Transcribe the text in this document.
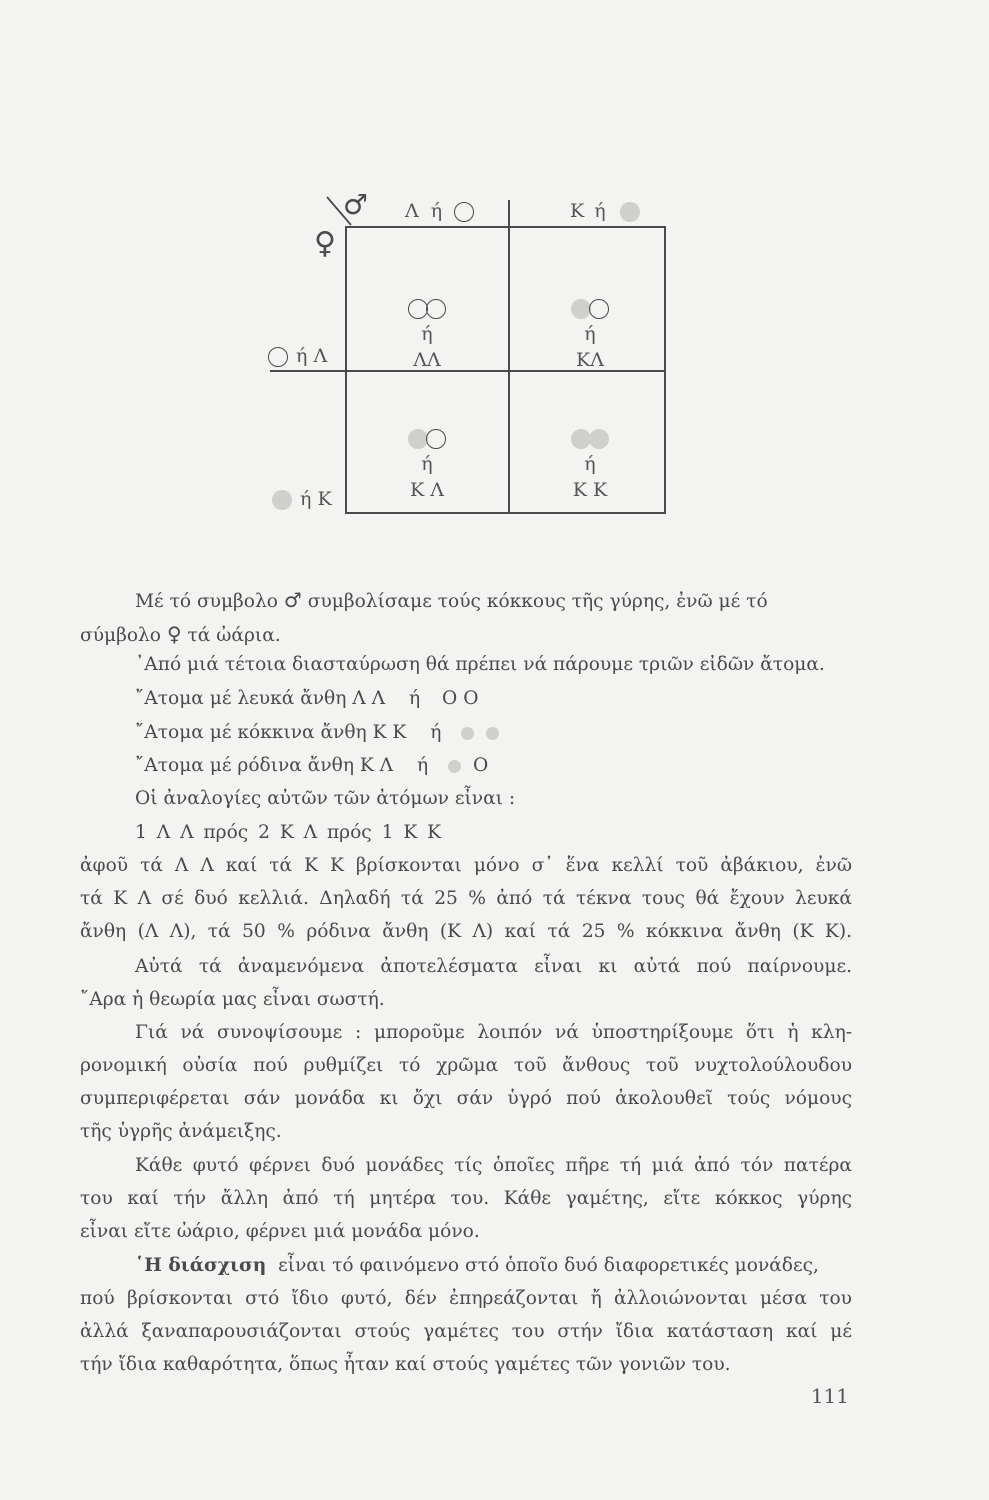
♂
♀
Λ ή	Κ ή
ή Λ
ή Κ
ή
ΛΛ
ή
ΚΛ
ή
Κ Λ
ή
Κ Κ
Μέ τό συμβολο ♂ συμβολίσαμε τούς κόκκους τῆς γύρης, ἐνῶ μέ τό
σύμβολο ♀ τά ὠάρια.
᾿Από μιά τέτοια διασταύρωση θά πρέπει νά πάρουμε τριῶν εἰδῶν ἄτομα.
῎Ατομα μέ λευκά ἄνθη Λ Λ ή Ο Ο
῎Ατομα μέ κόκκινα ἄνθη Κ Κ ή
῎Ατομα μέ ρόδινα ἄνθη Κ Λ ή Ο
Οἱ ἀναλογίες αὐτῶν τῶν ἀτόμων εἶναι :
1 Λ Λ πρός 2 Κ Λ πρός 1 Κ Κ
ἀφοῦ τά Λ Λ καί τά Κ Κ βρίσκονται μόνο σ᾿ ἕνα κελλί τοῦ ἀβάκιου, ἐνῶ
τά Κ Λ σέ δυό κελλιά. Δηλαδή τά 25 % ἀπό τά τέκνα τους θά ἔχουν λευκά
ἄνθη (Λ Λ), τά 50 % ρόδινα ἄνθη (Κ Λ) καί τά 25 % κόκκινα ἄνθη (Κ Κ).
Αὐτά τά ἀναμενόμενα ἀποτελέσματα εἶναι κι αὐτά πού παίρνουμε.
῎Αρα ἡ θεωρία μας εἶναι σωστή.
Γιά νά συνοψίσουμε : μποροῦμε λοιπόν νά ὑποστηρίξουμε ὅτι ἡ κλη-
ρονομική οὐσία πού ρυθμίζει τό χρῶμα τοῦ ἄνθους τοῦ νυχτολούλουδου
συμπεριφέρεται σάν μονάδα κι ὄχι σάν ὑγρό πού ἀκολουθεῖ τούς νόμους
τῆς ὑγρῆς ἀνάμειξης.
Κάθε φυτό φέρνει δυό μονάδες τίς ὁποῖες πῆρε τή μιά ἀπό τόν πατέρα
του καί τήν ἄλλη ἀπό τή μητέρα του. Κάθε γαμέτης, εἴτε κόκκος γύρης
εἶναι εἴτε ὠάριο, φέρνει μιά μονάδα μόνο.
῾Η διάσχιση εἶναι τό φαινόμενο στό ὁποῖο δυό διαφορετικές μονάδες,
πού βρίσκονται στό ἴδιο φυτό, δέν ἐπηρεάζονται ἤ ἀλλοιώνονται μέσα του
ἀλλά ξαναπαρουσιάζονται στούς γαμέτες του στήν ἴδια κατάσταση καί μέ
τήν ἴδια καθαρότητα, ὅπως ἦταν καί στούς γαμέτες τῶν γονιῶν του.
111
